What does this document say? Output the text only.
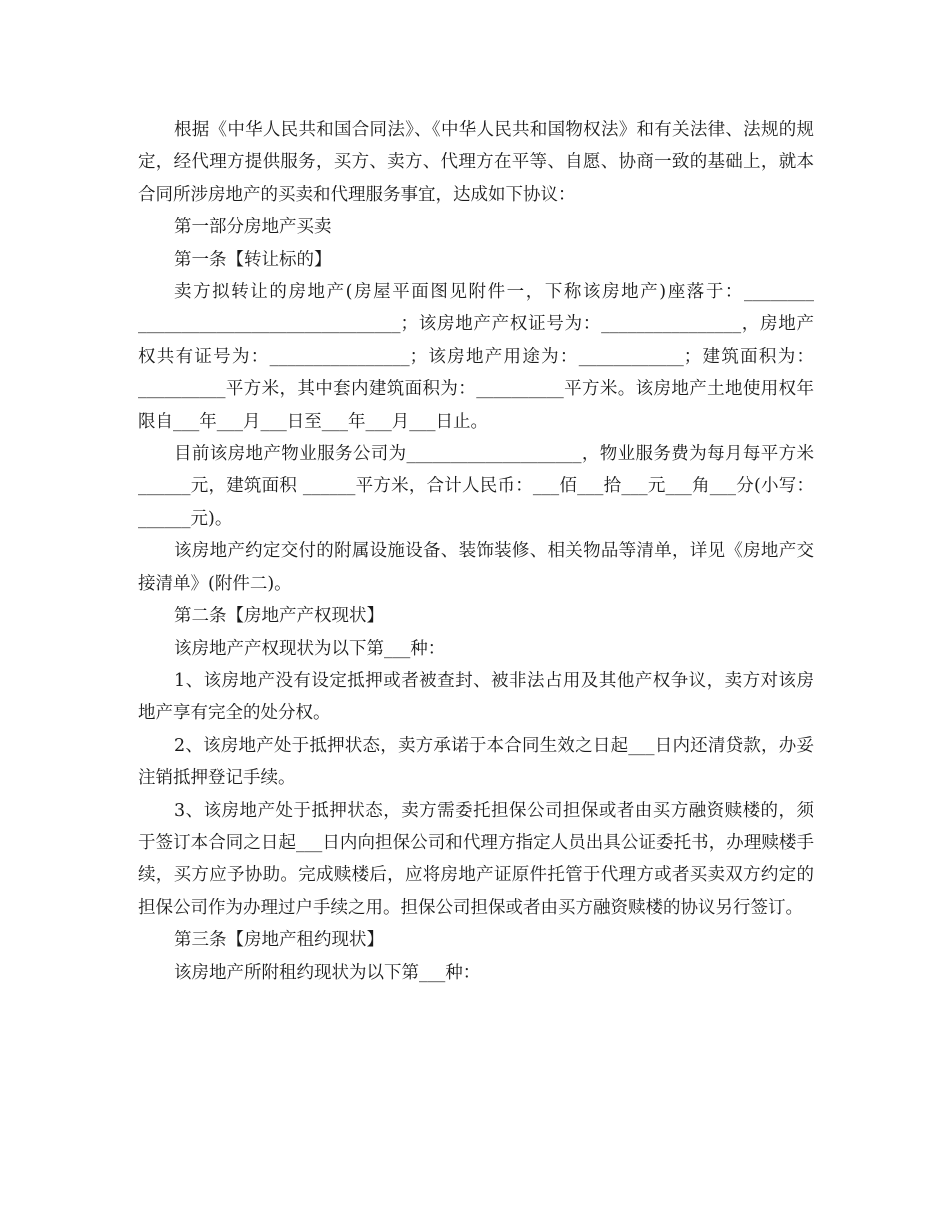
根据《中华人民共和国合同法》、《中华人民共和国物权法》和有关法律、法规的规定，经代理方提供服务，买方、卖方、代理方在平等、自愿、协商一致的基础上，就本合同所涉房地产的买卖和代理服务事宜，达成如下协议：

第一部分房地产买卖

第一条【转让标的】

卖方拟转让的房地产(房屋平面图见附件一，下称该房地产)座落于：________ ______________________________；该房地产产权证号为：________________，房地产权共有证号为：________________；该房地产用途为：____________；建筑面积为：__________平方米，其中套内建筑面积为：__________平方米。该房地产土地使用权年限自___年___月___日至___年___月___日止。

目前该房地产物业服务公司为____________________，物业服务费为每月每平方米______元，建筑面积 ______平方米，合计人民币：___佰___拾___元___角___分(小写：______元)。

该房地产约定交付的附属设施设备、装饰装修、相关物品等清单，详见《房地产交接清单》(附件二)。

第二条【房地产产权现状】

该房地产产权现状为以下第___种：

1、该房地产没有设定抵押或者被查封、被非法占用及其他产权争议，卖方对该房地产享有完全的处分权。

2、该房地产处于抵押状态，卖方承诺于本合同生效之日起___日内还清贷款，办妥注销抵押登记手续。

3、该房地产处于抵押状态，卖方需委托担保公司担保或者由买方融资赎楼的，须于签订本合同之日起___日内向担保公司和代理方指定人员出具公证委托书，办理赎楼手续，买方应予协助。完成赎楼后，应将房地产证原件托管于代理方或者买卖双方约定的担保公司作为办理过户手续之用。担保公司担保或者由买方融资赎楼的协议另行签订。

第三条【房地产租约现状】

该房地产所附租约现状为以下第___种：
